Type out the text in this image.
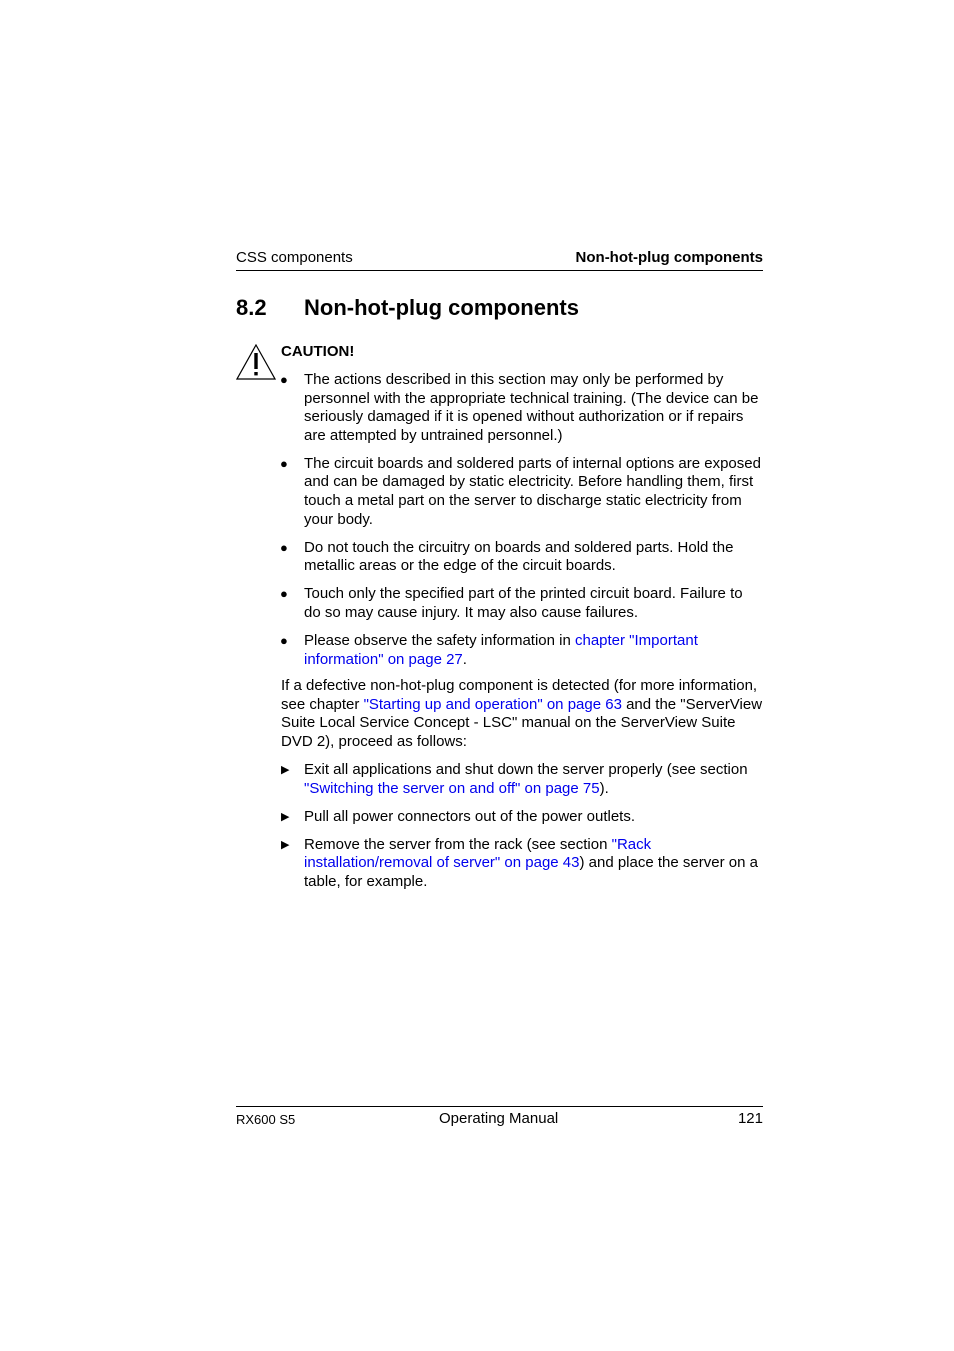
CSS components	Non-hot-plug components
8.2 Non-hot-plug components
CAUTION!
● The actions described in this section may only be performed by personnel with the appropriate technical training. (The device can be seriously damaged if it is opened without authorization or if repairs are attempted by untrained personnel.)
● The circuit boards and soldered parts of internal options are exposed and can be damaged by static electricity. Before handling them, first touch a metal part on the server to discharge static electricity from your body.
● Do not touch the circuitry on boards and soldered parts. Hold the metallic areas or the edge of the circuit boards.
● Touch only the specified part of the printed circuit board. Failure to do so may cause injury. It may also cause failures.
● Please observe the safety information in chapter "Important information" on page 27.
If a defective non-hot-plug component is detected (for more information, see chapter "Starting up and operation" on page 63 and the "ServerView Suite Local Service Concept - LSC" manual on the ServerView Suite DVD 2), proceed as follows:
▶ Exit all applications and shut down the server properly (see section "Switching the server on and off" on page 75).
▶ Pull all power connectors out of the power outlets.
▶ Remove the server from the rack (see section "Rack installation/removal of server" on page 43) and place the server on a table, for example.
RX600 S5	Operating Manual	121
